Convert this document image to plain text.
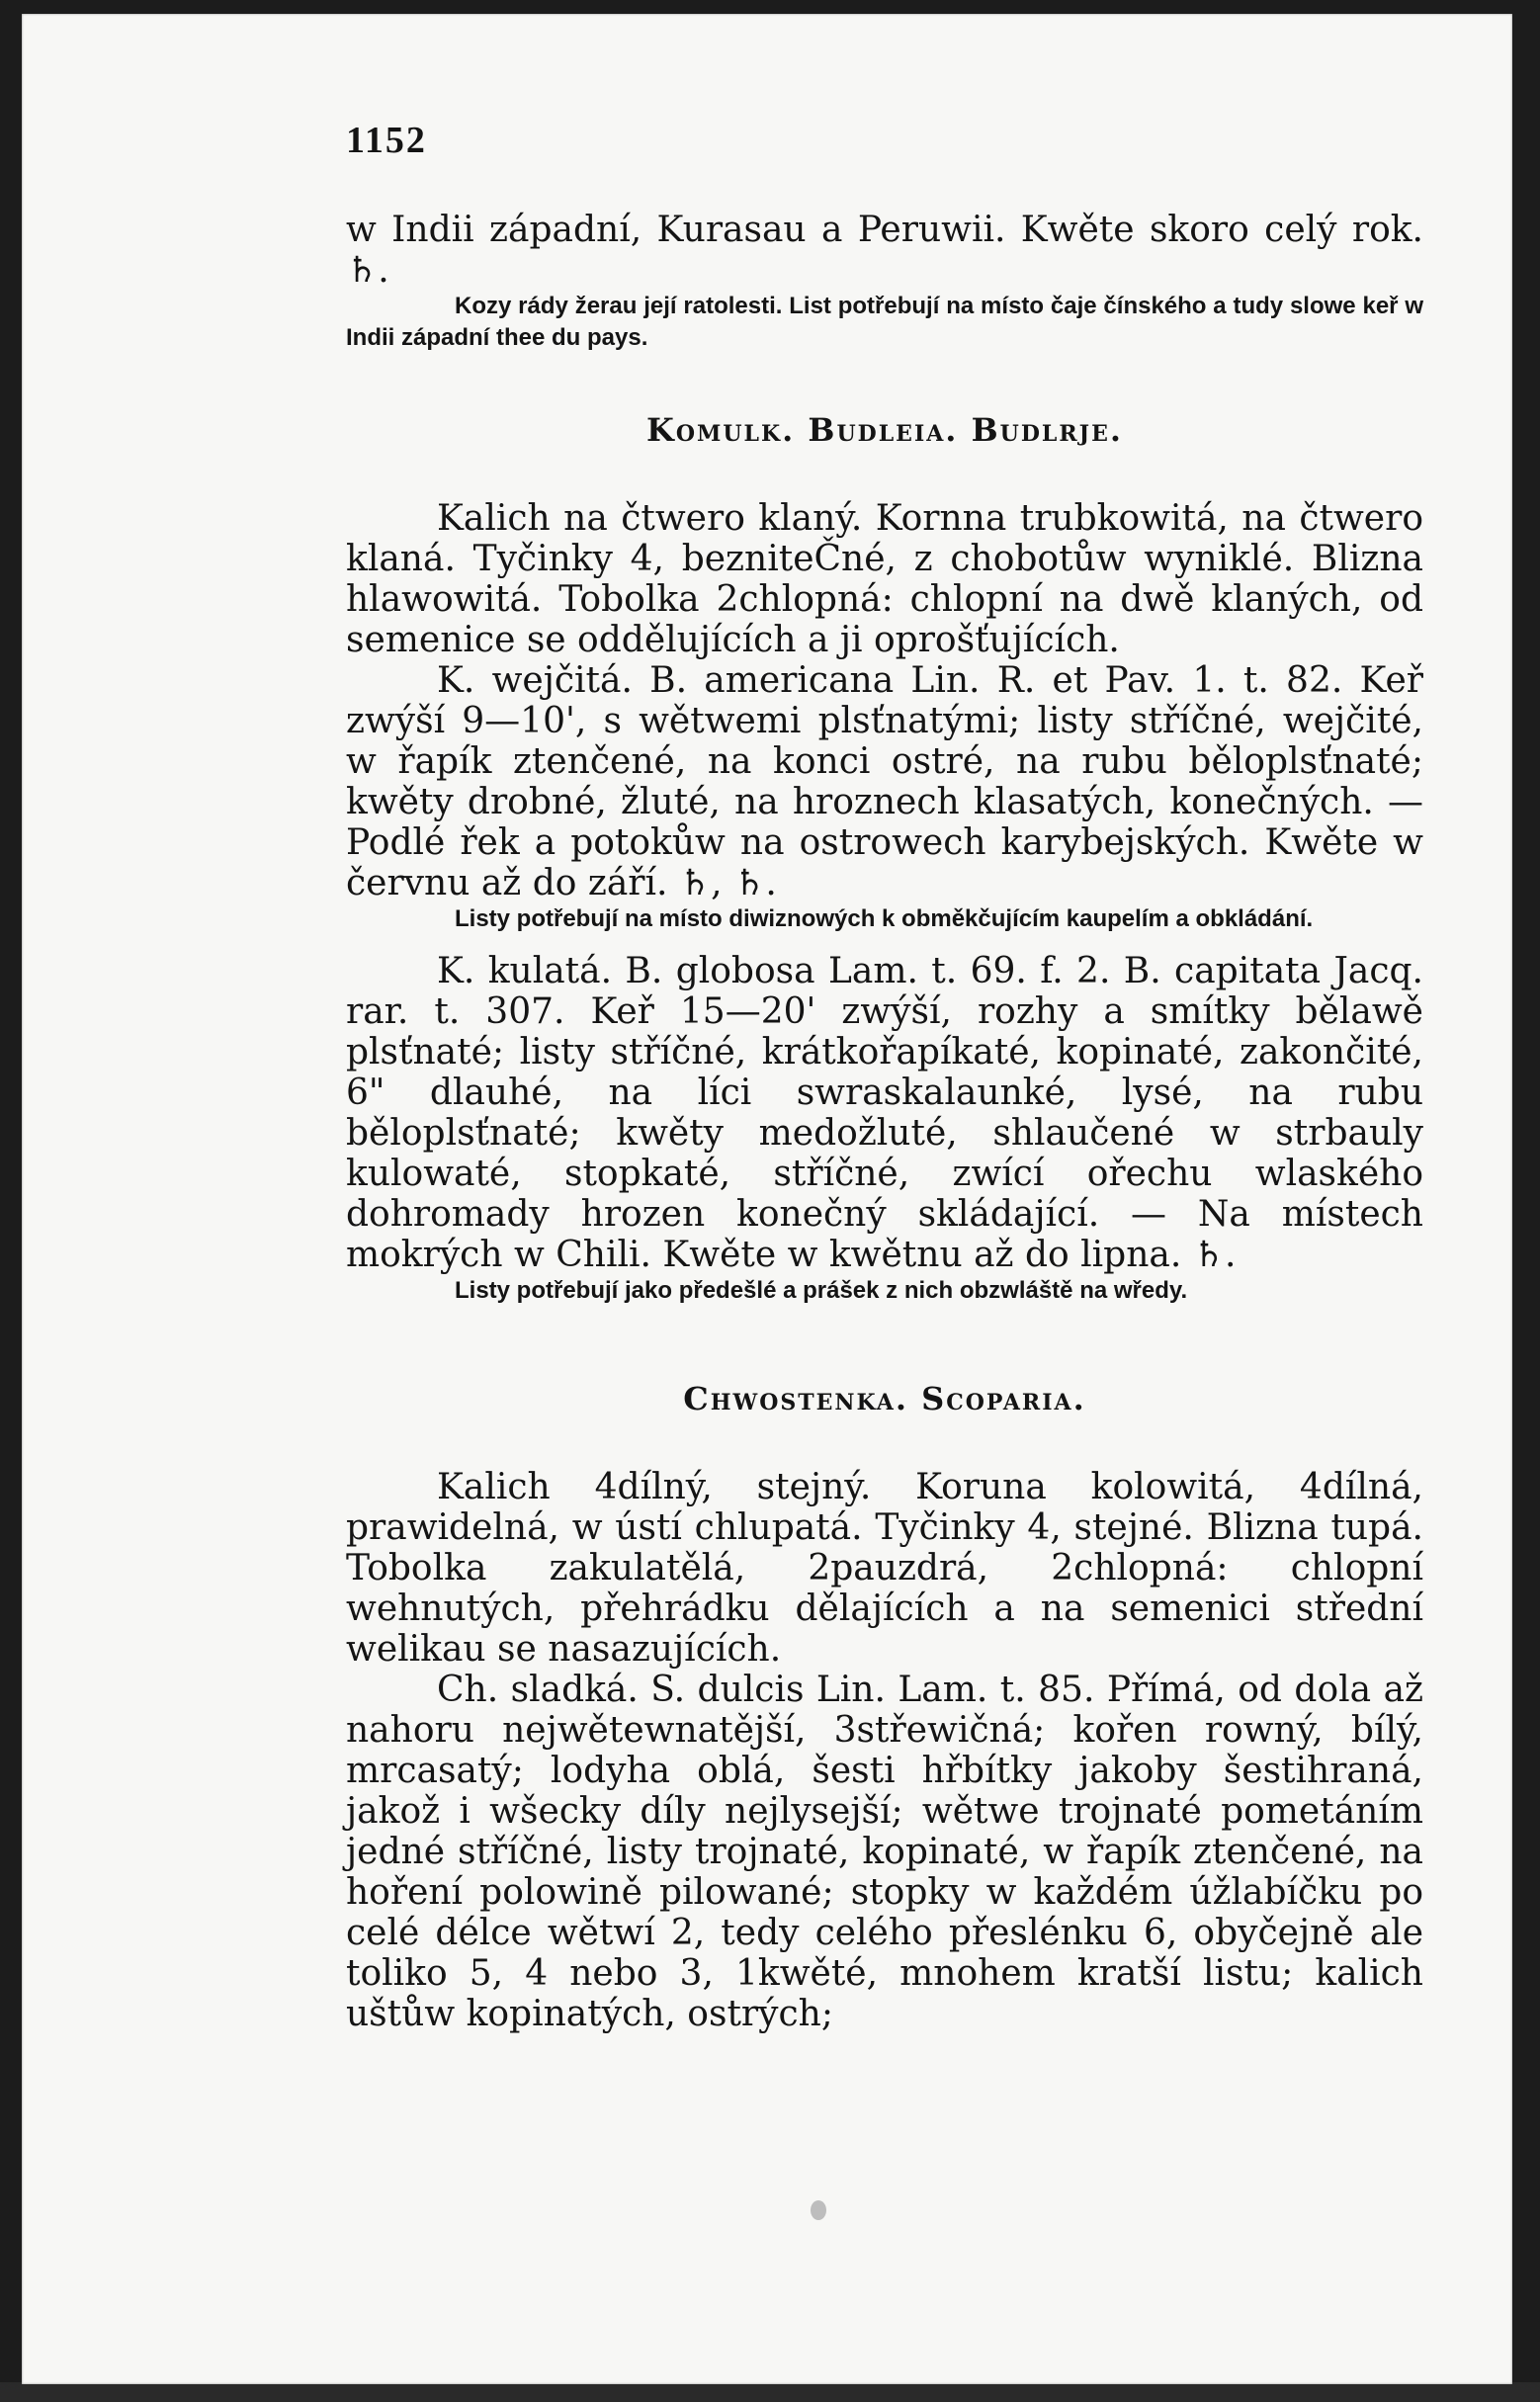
1152

w Indii západní, Kurasau a Peruwii. Kwěte skoro celý rok. ♄.

Kozy rády žerau její ratolesti. List potřebují na místo čaje čínského a tudy slowe keř w Indii západní thee du pays.

Komulk. Budleia. Budlrje.

Kalich na čtwero klaný. Kornna trubkowitá, na čtwero klaná. Tyčinky 4, bezniteČné, z chobotůw wyniklé. Blizna hlawowitá. Tobolka 2chlopná: chlopní na dwě klaných, od semenice se oddělujících a ji oprošťujících.

K. wejčitá. B. americana Lin. R. et Pav. 1. t. 82. Keř zwýší 9—10', s wětwemi plsťnatými; listy stříčné, wejčité, w řapík ztenčené, na konci ostré, na rubu běloplsťnaté; kwěty drobné, žluté, na hroznech klasatých, konečných. — Podlé řek a potokůw na ostrowech karybejských. Kwěte w červnu až do září. ♄, ♄.

Listy potřebují na místo diwiznowých k obměkčujícím kaupelím a obkládání.

K. kulatá. B. globosa Lam. t. 69. f. 2. B. capitata Jacq. rar. t. 307. Keř 15—20' zwýší, rozhy a smítky bělawě plsťnaté; listy stříčné, krátkořapíkaté, kopinaté, zakončité, 6" dlauhé, na líci swraskalaunké, lysé, na rubu běloplsťnaté; kwěty medožluté, shlaučené w strbauly kulowaté, stopkaté, stříčné, zwící ořechu wlaského dohromady hrozen konečný skládající. — Na místech mokrých w Chili. Kwěte w kwětnu až do lipna. ♄.

Listy potřebují jako předešlé a prášek z nich obzwláště na wředy.

Chwostenka. Scoparia.

Kalich 4dílný, stejný. Koruna kolowitá, 4dílná, prawidelná, w ústí chlupatá. Tyčinky 4, stejné. Blizna tupá. Tobolka zakulatělá, 2pauzdrá, 2chlopná: chlopní wehnutých, přehrádku dělajících a na semenici střední welikau se nasazujících.

Ch. sladká. S. dulcis Lin. Lam. t. 85. Přímá, od dola až nahoru nejwětewnatější, 3střewičná; kořen rowný, bílý, mrcasatý; lodyha oblá, šesti hřbítky jakoby šestihraná, jakož i wšecky díly nejlysejší; wětwe trojnaté pometáním jedné stříčné, listy trojnaté, kopinaté, w řapík ztenčené, na hoření polowině pilowané; stopky w každém úžlabíčku po celé délce wětwí 2, tedy celého přeslénku 6, obyčejně ale toliko 5, 4 nebo 3, 1kwěté, mnohem kratší listu; kalich uštůw kopinatých, ostrých;
